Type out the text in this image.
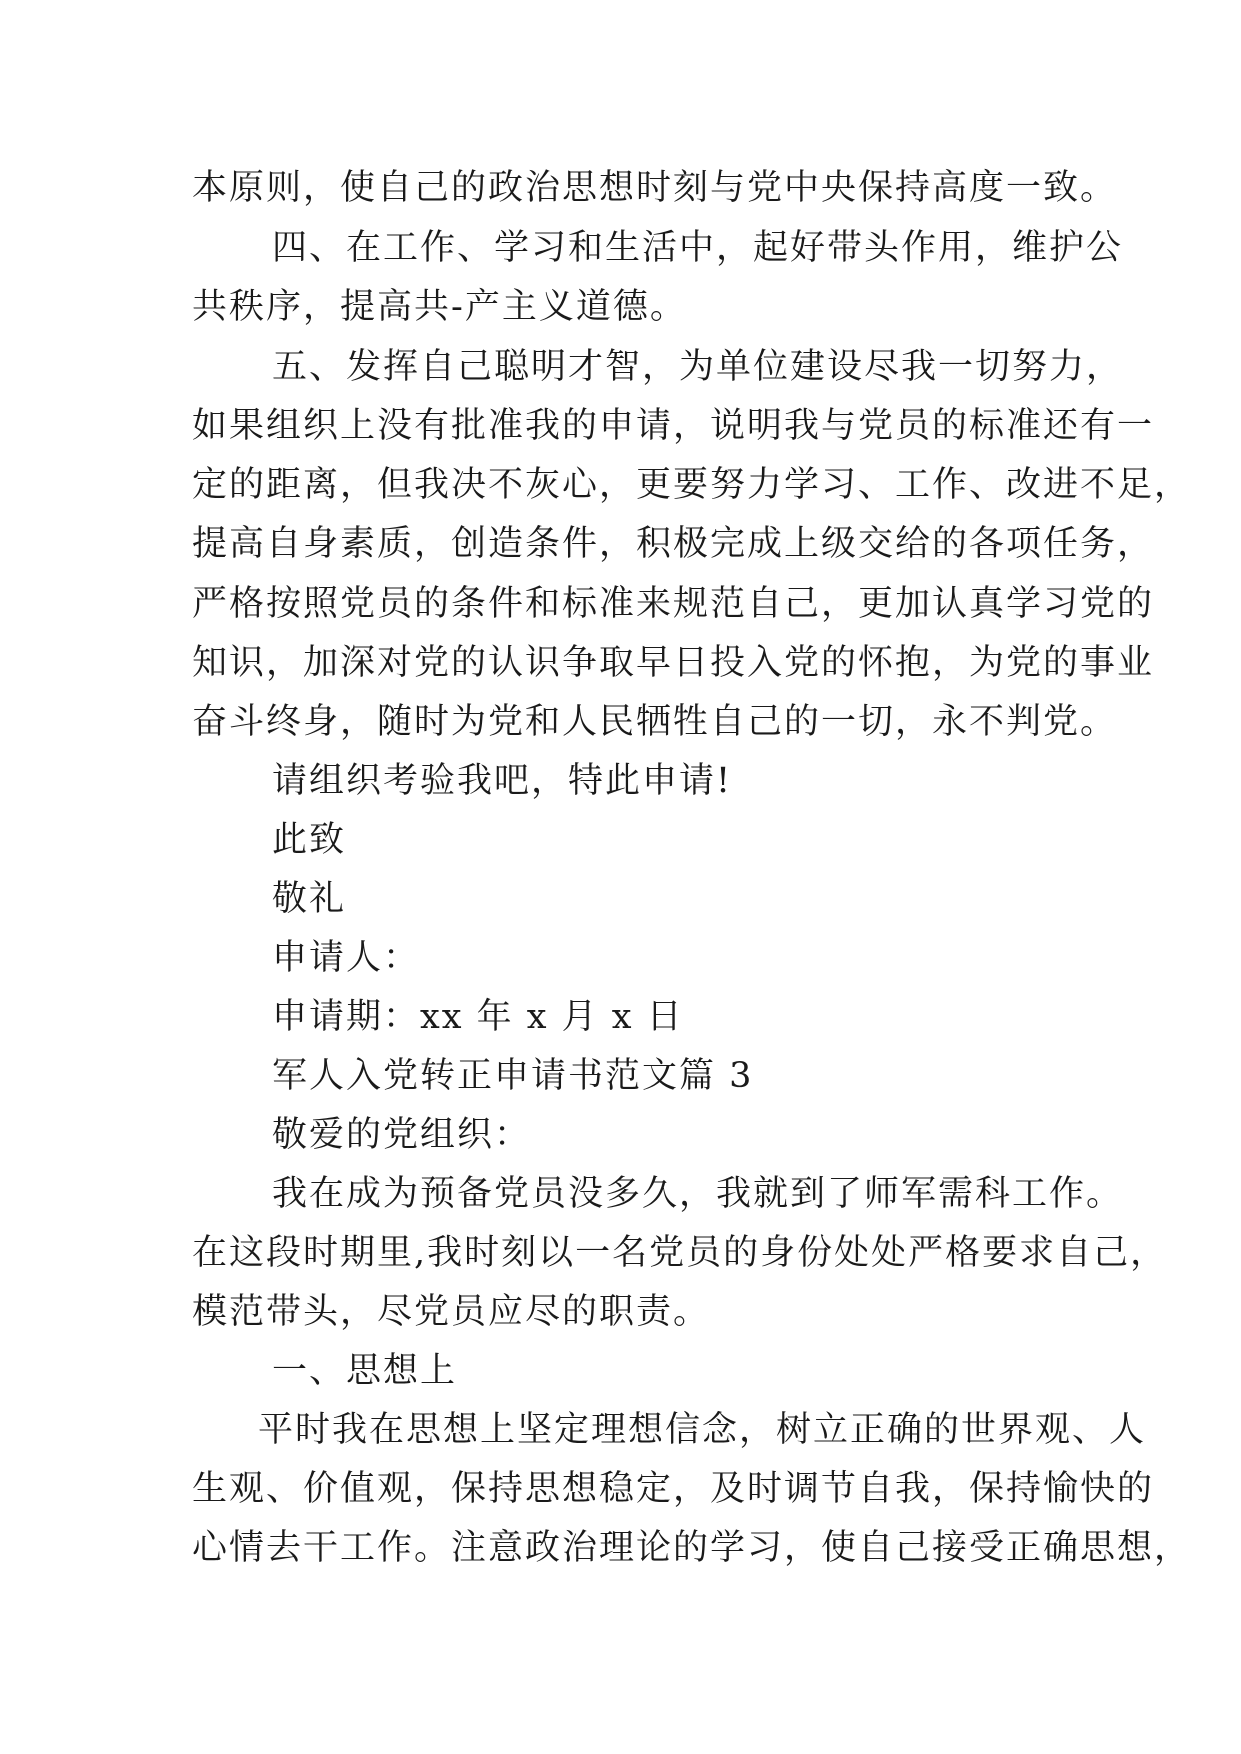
本原则，使自己的政治思想时刻与党中央保持高度一致。
四、在工作、学习和生活中，起好带头作用，维护公
共秩序，提高共-产主义道德。
五、发挥自己聪明才智，为单位建设尽我一切努力，
如果组织上没有批准我的申请，说明我与党员的标准还有一
定的距离，但我决不灰心，更要努力学习、工作、改进不足，
提高自身素质，创造条件，积极完成上级交给的各项任务，
严格按照党员的条件和标准来规范自己，更加认真学习党的
知识，加深对党的认识争取早日投入党的怀抱，为党的事业
奋斗终身，随时为党和人民牺牲自己的一切，永不判党。
请组织考验我吧，特此申请!
此致
敬礼
申请人：
申请期：xx 年 x 月 x 日
军人入党转正申请书范文篇 3
敬爱的党组织：
我在成为预备党员没多久，我就到了师军需科工作。
在这段时期里,我时刻以一名党员的身份处处严格要求自己，
模范带头，尽党员应尽的职责。
一、思想上
平时我在思想上坚定理想信念，树立正确的世界观、人
生观、价值观，保持思想稳定，及时调节自我，保持愉快的
心情去干工作。注意政治理论的学习，使自己接受正确思想，
